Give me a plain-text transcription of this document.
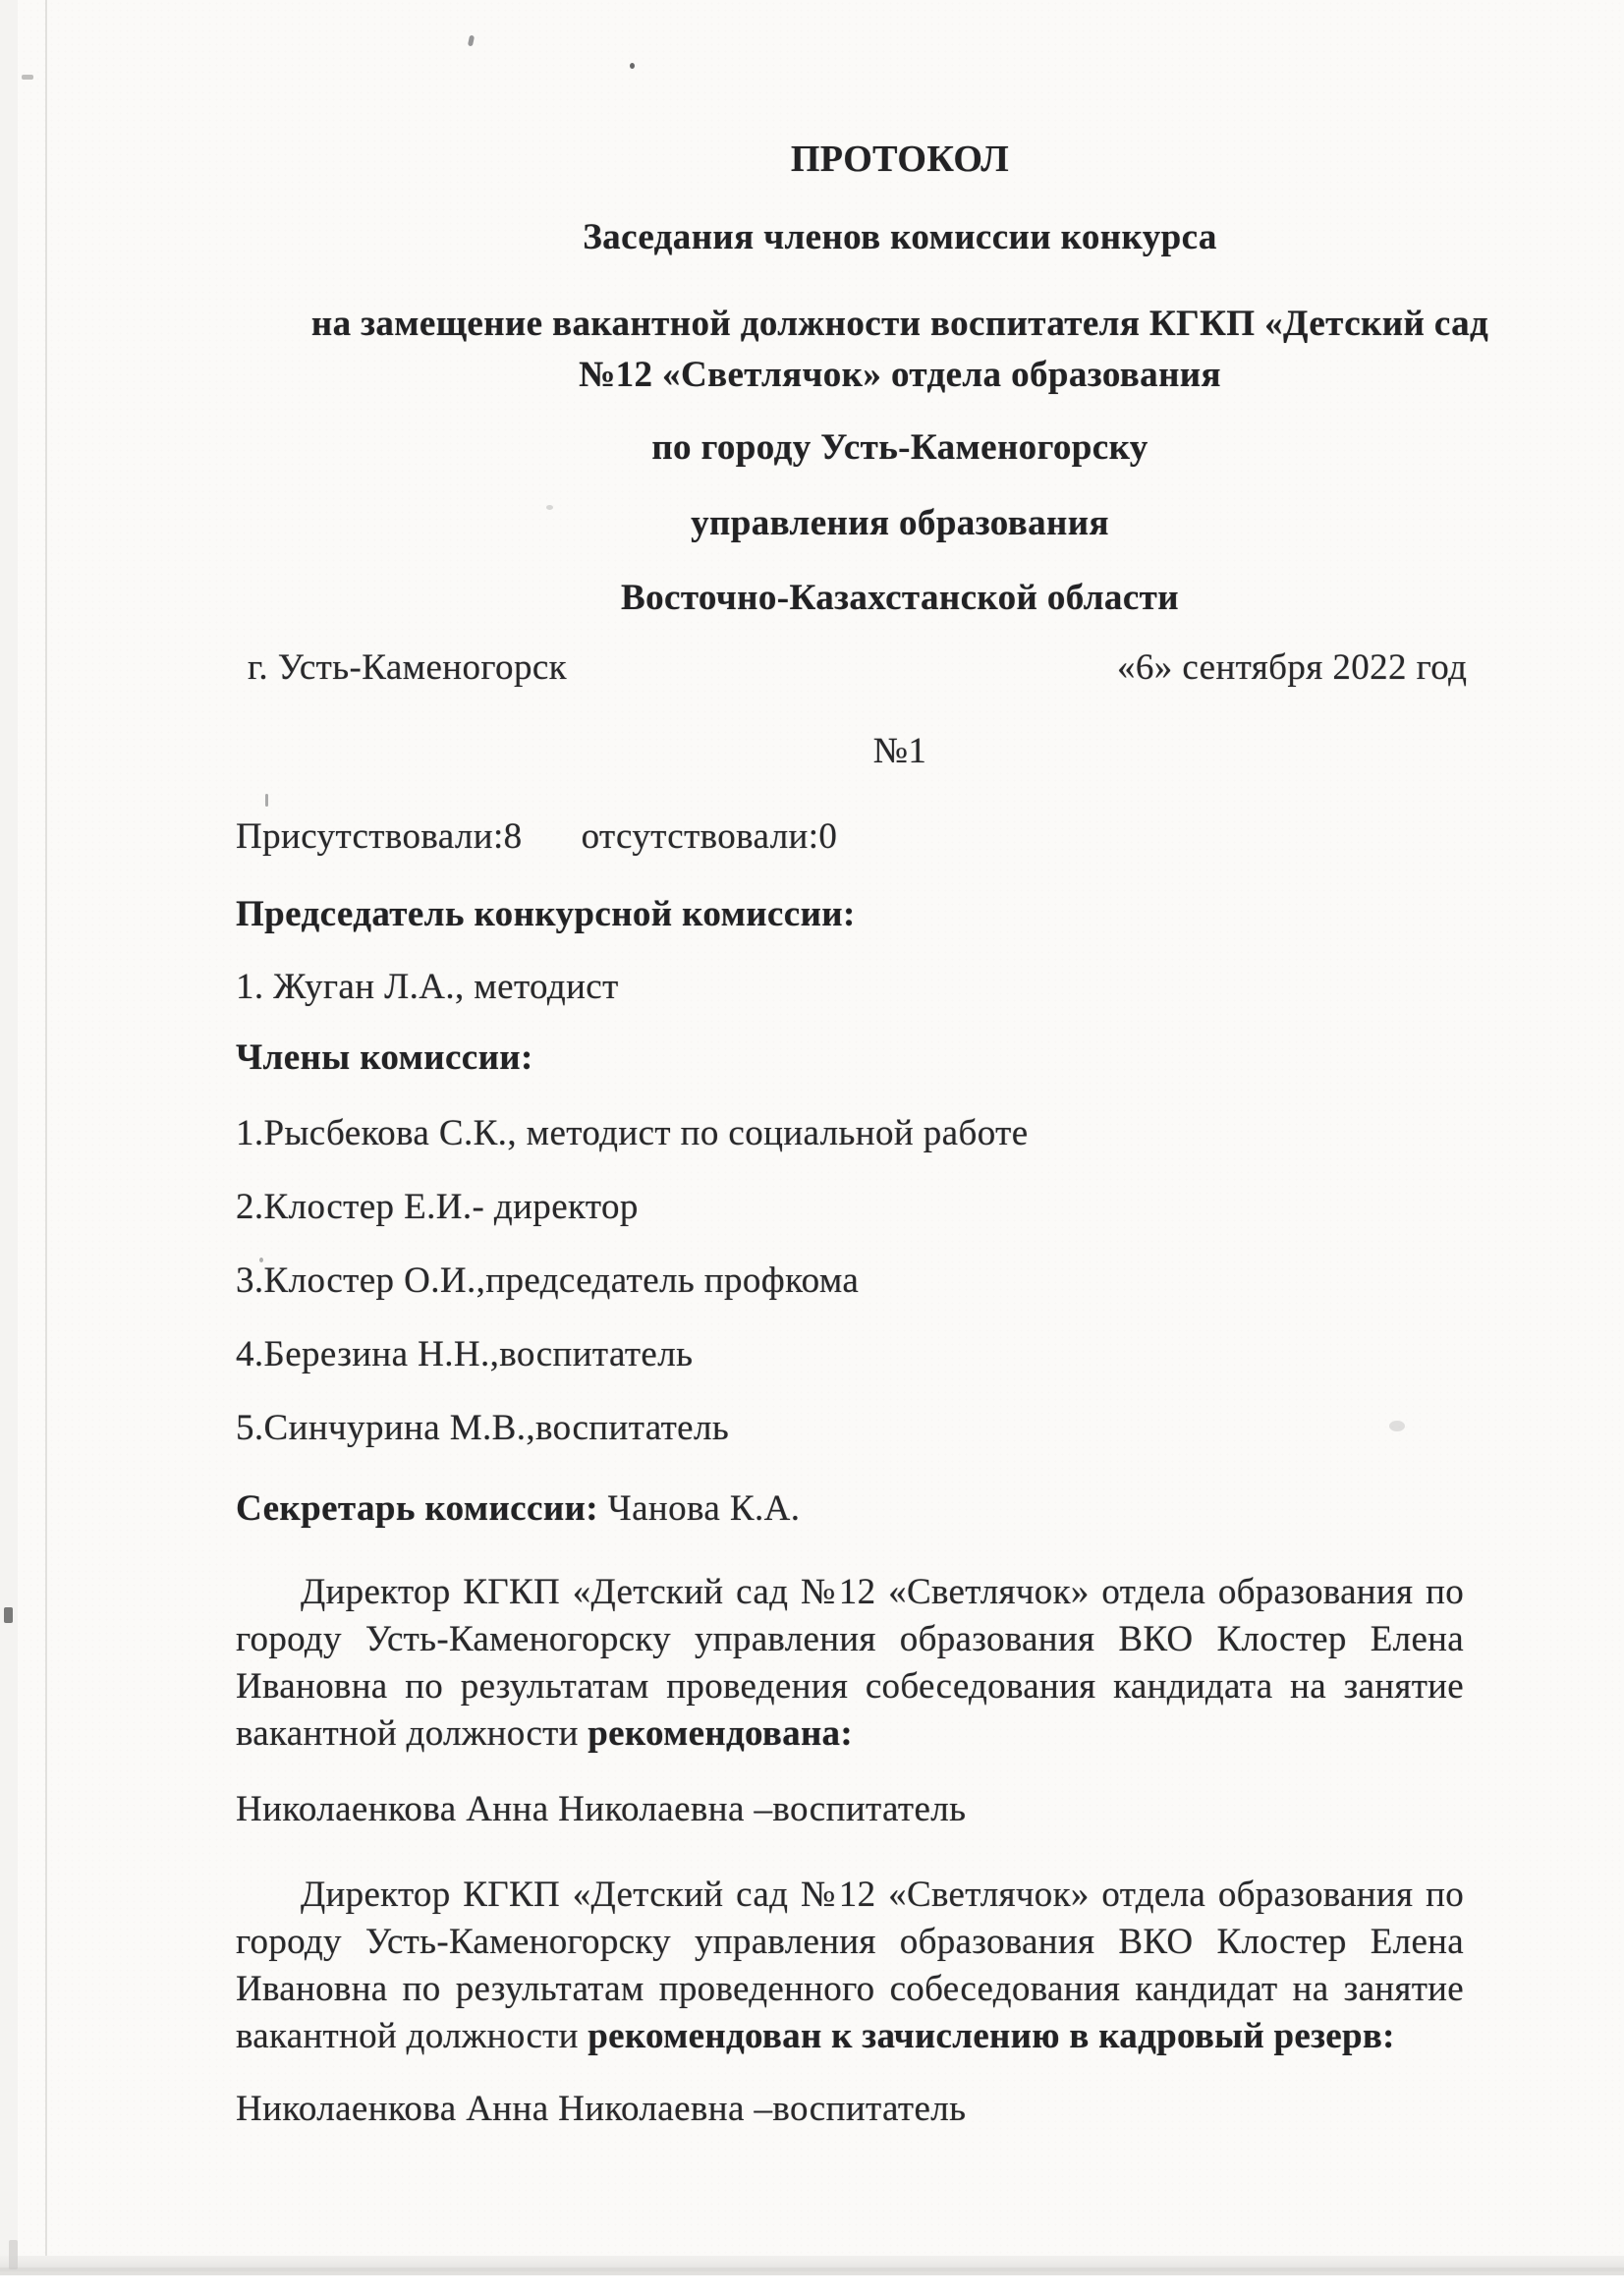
ПРОТОКОЛ
Заседания членов комиссии конкурса
на замещение вакантной должности воспитателя КГКП «Детский сад
№12 «Светлячок» отдела образования
по городу Усть-Каменогорску
управления образования
Восточно-Казахстанской области
г. Усть-Каменогорск	«6» сентября 2022 год
№1
Присутствовали:8 отсутствовали:0
Председатель конкурсной комиссии:
1. Жуган Л.А., методист
Члены комиссии:
1.Рысбекова С.К., методист по социальной работе
2.Клостер Е.И.- директор
3.Клостер О.И.,председатель профкома
4.Березина Н.Н.,воспитатель
5.Синчурина М.В.,воспитатель
Секретарь комиссии: Чанова К.А.

Директор КГКП «Детский сад №12 «Светлячок» отдела образования по городу Усть-Каменогорску управления образования ВКО Клостер Елена Ивановна по результатам проведения собеседования кандидата на занятие вакантной должности рекомендована:

Николаенкова Анна Николаевна –воспитатель

Директор КГКП «Детский сад №12 «Светлячок» отдела образования по городу Усть-Каменогорску управления образования ВКО Клостер Елена Ивановна по результатам проведенного собеседования кандидат на занятие вакантной должности рекомендован к зачислению в кадровый резерв:

Николаенкова Анна Николаевна –воспитатель
